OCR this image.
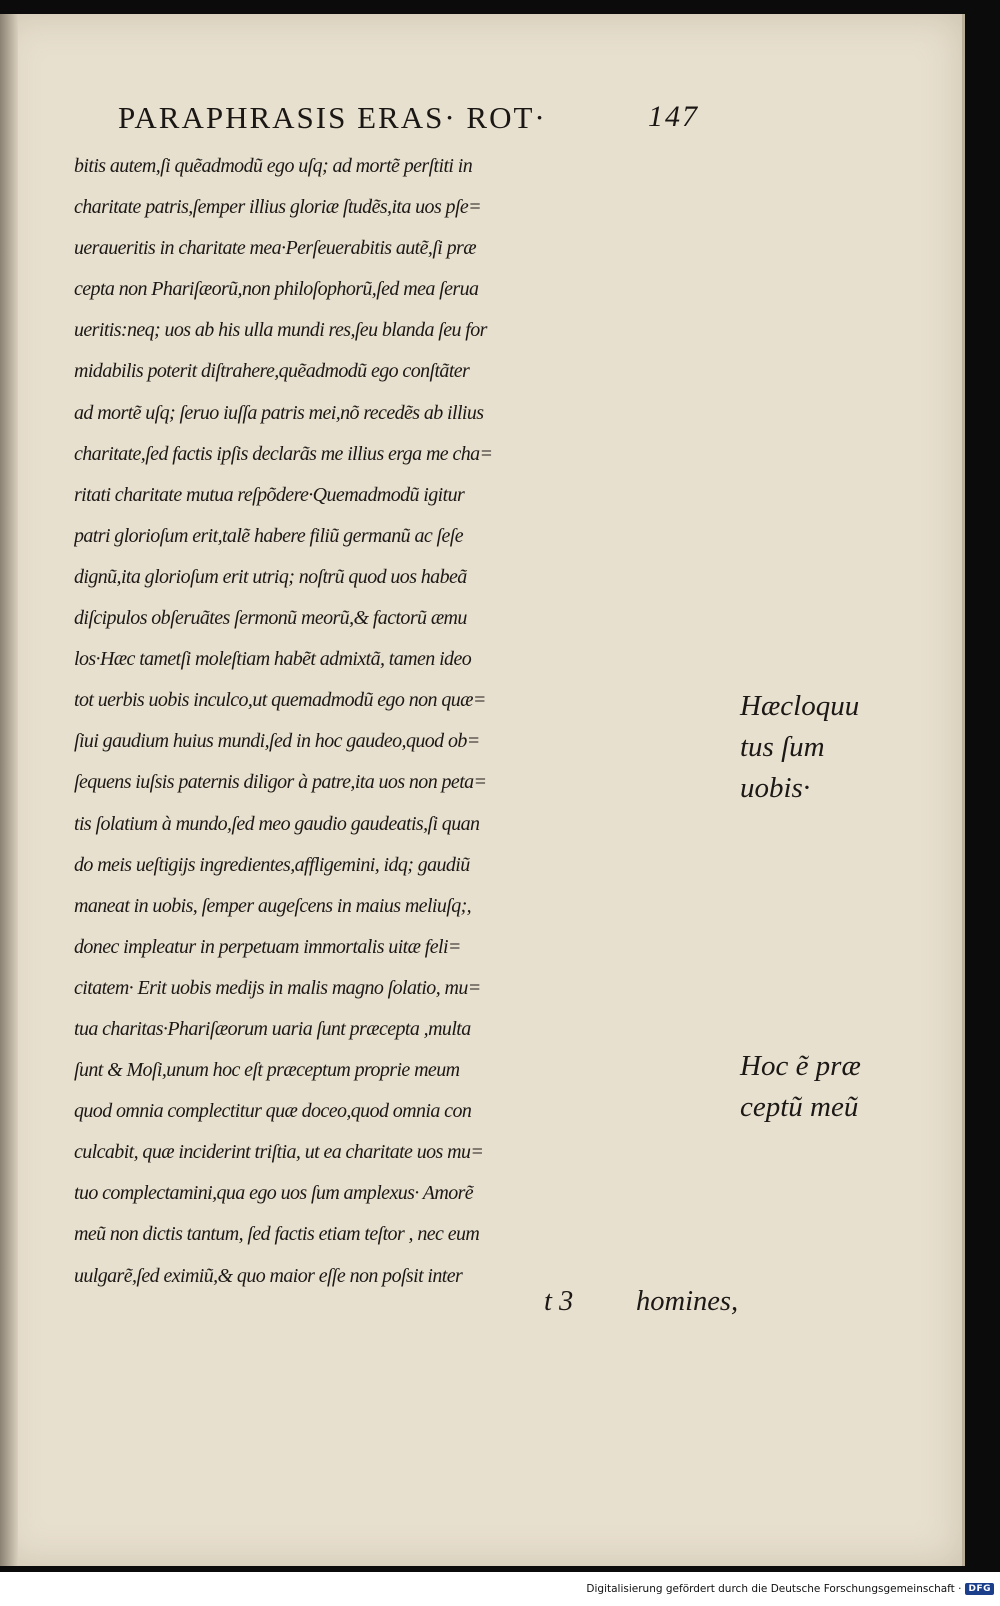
PARAPHRASIS ERAS· ROT·	147
bitis autem,ſi quẽadmodũ ego uſq; ad mortẽ perſtiti in
charitate patris,ſemper illius gloriæ ſtudẽs,ita uos pſe=
ueraueritis in charitate mea·Perſeuerabitis autẽ,ſi præ
cepta non Phariſæorũ,non philoſophorũ,ſed mea ſerua
ueritis:neq; uos ab his ulla mundi res,ſeu blanda ſeu for
midabilis poterit diſtrahere,quẽadmodũ ego conſtãter
ad mortẽ uſq; ſeruo iuſſa patris mei,nõ recedẽs ab illius
charitate,ſed factis ipſis declarãs me illius erga me cha=
ritati charitate mutua reſpõdere·Quemadmodũ igitur
patri glorioſum erit,talẽ habere filiũ germanũ ac ſeſe
dignũ,ita glorioſum erit utriq; noſtrũ quod uos habeã
diſcipulos obſeruãtes ſermonũ meorũ,& factorũ æmu
los·Hæc tametſi moleſtiam habẽt admixtã, tamen ideo
tot uerbis uobis inculco,ut quemadmodũ ego non quæ=
ſiui gaudium huius mundi,ſed in hoc gaudeo,quod ob=
ſequens iuſsis paternis diligor à patre,ita uos non peta=
tis ſolatium à mundo,ſed meo gaudio gaudeatis,ſi quan
do meis ueſtigijs ingredientes,affligemini, idq; gaudiũ
maneat in uobis, ſemper augeſcens in maius meliuſq;,
donec impleatur in perpetuam immortalis uitæ feli=
citatem· Erit uobis medijs in malis magno ſolatio, mu=
tua charitas·Phariſæorum uaria ſunt præcepta ,multa
ſunt & Moſi,unum hoc eſt præceptum proprie meum
quod omnia complectitur quæ doceo,quod omnia con
culcabit, quæ inciderint triſtia, ut ea charitate uos mu=
tuo complectamini,qua ego uos ſum amplexus· Amorẽ
meũ non dictis tantum, ſed factis etiam teſtor , nec eum
uulgarẽ,ſed eximiũ,& quo maior eſſe non poſsit inter
Hæcloquu
tus ſum
uobis·
Hoc ẽ præ
ceptũ meũ
t 3 homines,
Digitalisierung gefördert durch die Deutsche Forschungsgemeinschaft · DFG
